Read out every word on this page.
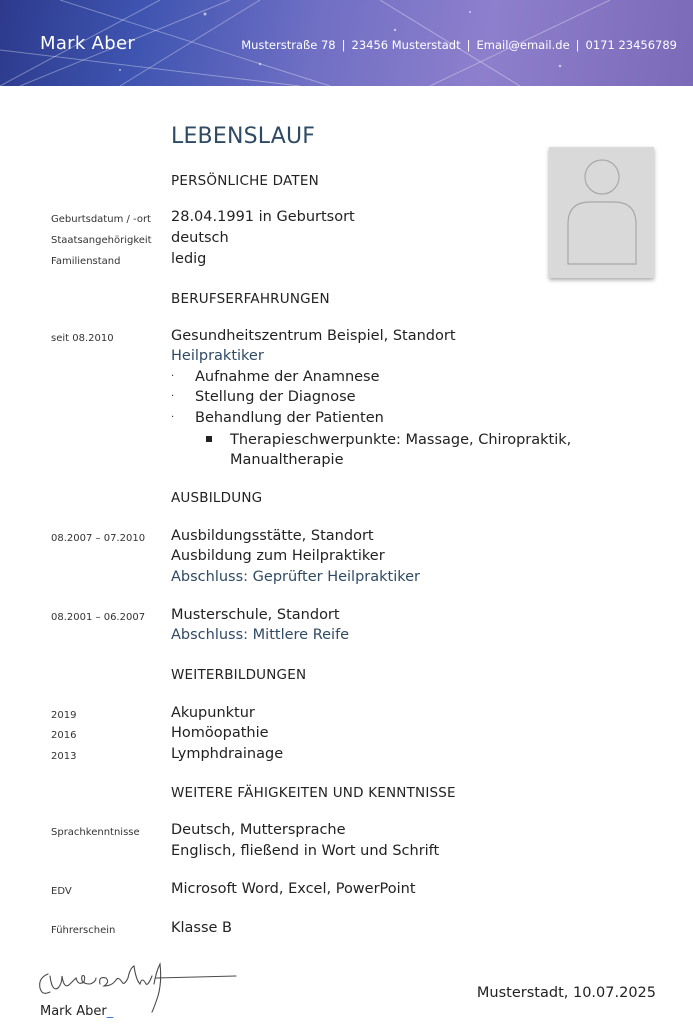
Mark Aber	Musterstraße 78 | 23456 Musterstadt | Email@email.de | 0171 23456789
LEBENSLAUF
PERSÖNLICHE DATEN
Geburtsdatum / -ort 28.04.1991 in Geburtsort
Staatsangehörigkeit deutsch
Familienstand	ledig
BERUFSERFAHRUNGEN
seit 08.2010	Gesundheitszentrum Beispiel, Standort
Heilpraktiker
· Aufnahme der Anamnese
· Stellung der Diagnose
· Behandlung der Patienten
Therapieschwerpunkte: Massage, Chiropraktik, Manualtherapie
AUSBILDUNG
08.2007 – 07.2010 Ausbildungsstätte, Standort
Ausbildung zum Heilpraktiker
Abschluss: Geprüfter Heilpraktiker
08.2001 – 06.2007 Musterschule, Standort
Abschluss: Mittlere Reife
WEITERBILDUNGEN
2019	Akupunktur
2016	Homöopathie
2013	Lymphdrainage
WEITERE FÄHIGKEITEN UND KENNTNISSE
Sprachkenntnisse Deutsch, Muttersprache
Englisch, fließend in Wort und Schrift
EDV	Microsoft Word, Excel, PowerPoint
Führerschein	Klasse B
Mark Aber_
Musterstadt, 10.07.2025
